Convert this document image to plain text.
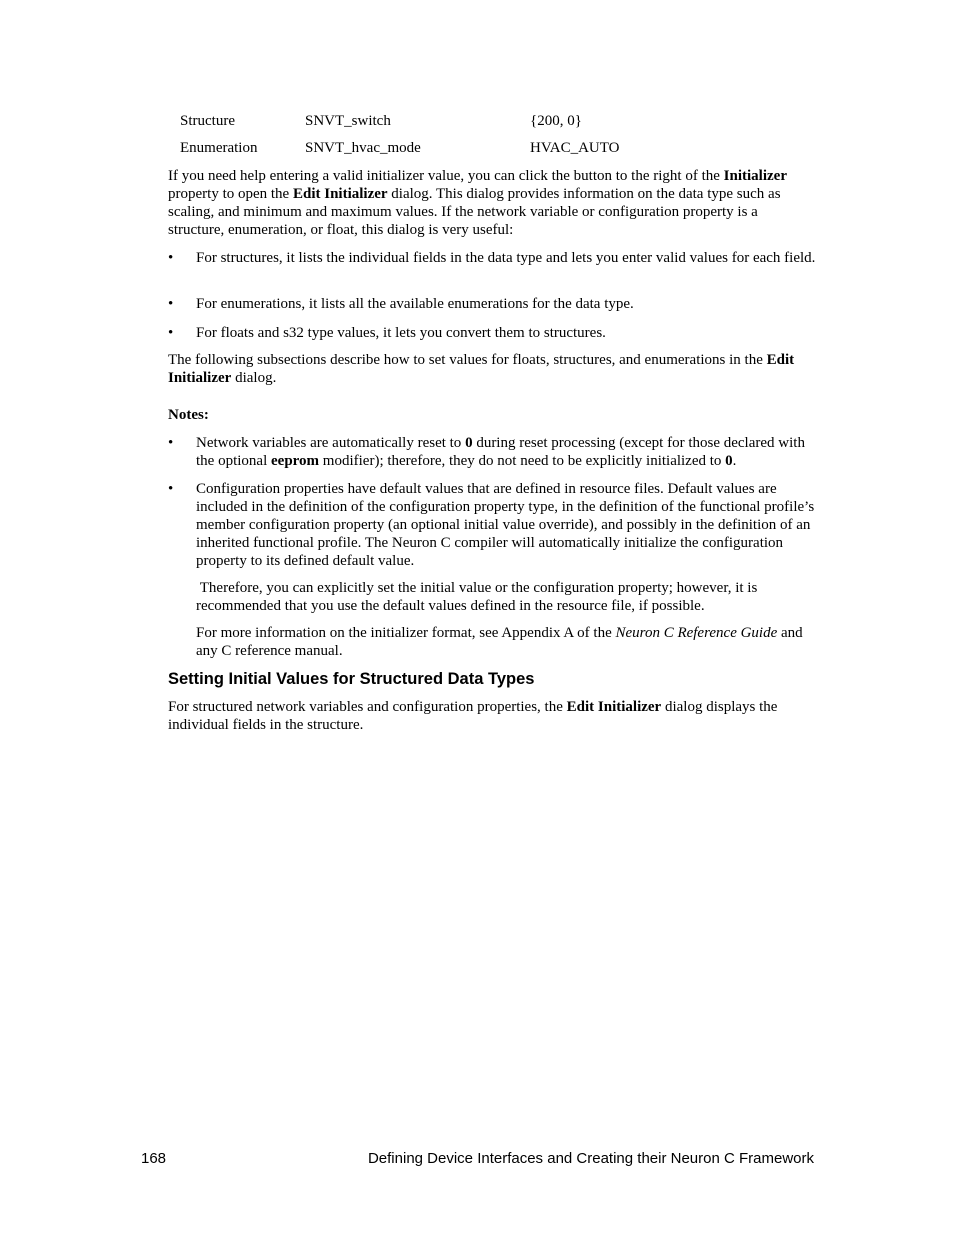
Structure	SNVT_switch	{200, 0}
Enumeration	SNVT_hvac_mode	HVAC_AUTO

If you need help entering a valid initializer value, you can click the button to the right of the Initializer property to open the Edit Initializer dialog. This dialog provides information on the data type such as scaling, and minimum and maximum values. If the network variable or configuration property is a structure, enumeration, or float, this dialog is very useful:

•	For structures, it lists the individual fields in the data type and lets you enter valid values for each field.
•	For enumerations, it lists all the available enumerations for the data type.
•	For floats and s32 type values, it lets you convert them to structures.

The following subsections describe how to set values for floats, structures, and enumerations in the Edit Initializer dialog.

Notes:
•	Network variables are automatically reset to 0 during reset processing (except for those declared with the optional eeprom modifier); therefore, they do not need to be explicitly initialized to 0.
•	Configuration properties have default values that are defined in resource files. Default values are included in the definition of the configuration property type, in the definition of the functional profile’s member configuration property (an optional initial value override), and possibly in the definition of an inherited functional profile. The Neuron C compiler will automatically initialize the configuration property to its defined default value.

Therefore, you can explicitly set the initial value or the configuration property; however, it is recommended that you use the default values defined in the resource file, if possible.

For more information on the initializer format, see Appendix A of the Neuron C Reference Guide and any C reference manual.

Setting Initial Values for Structured Data Types

For structured network variables and configuration properties, the Edit Initializer dialog displays the individual fields in the structure.

168	Defining Device Interfaces and Creating their Neuron C Framework
